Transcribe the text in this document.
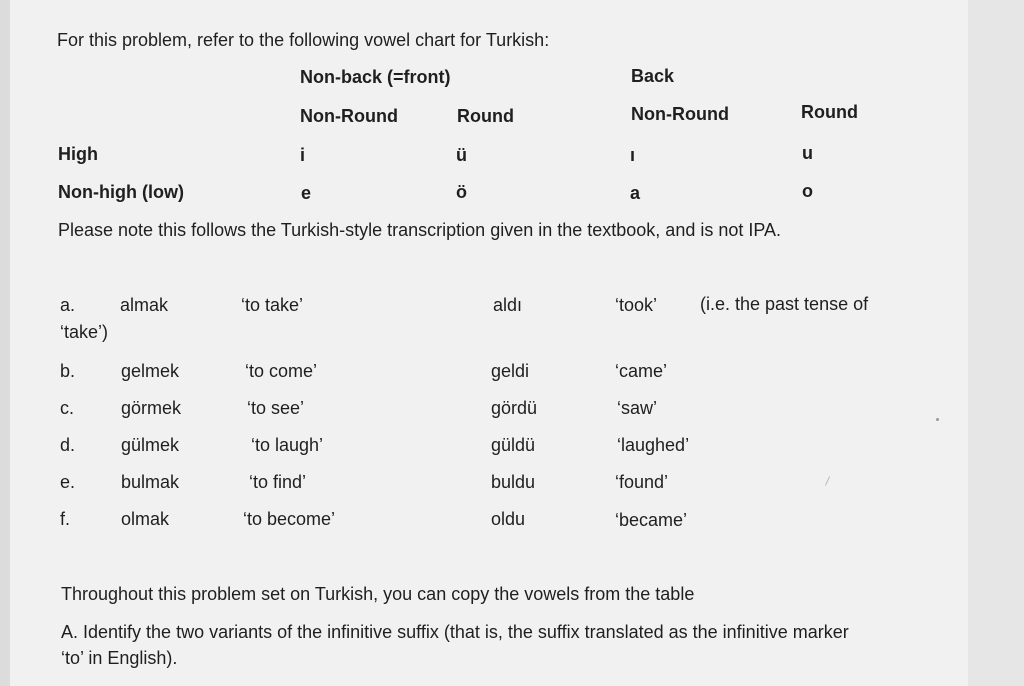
For this problem, refer to the following vowel chart for Turkish:
Non-back (=front)	Back
Non-Round	Round	Non-Round	Round
High	i	ü	ı	u
Non-high (low)	e	ö	a	o
Please note this follows the Turkish-style transcription given in the textbook, and is not IPA.
a. almak	‘to take’	aldı	‘took’ (i.e. the past tense of
‘take’)
b.	gelmek	‘to come’	geldi	‘came’
c.	görmek	‘to see’	gördü	‘saw’
d.	gülmek	‘to laugh’	güldü	‘laughed’
e.	bulmak	‘to find’	buldu	‘found’
f.	olmak	‘to become’	oldu	‘became’
Throughout this problem set on Turkish, you can copy the vowels from the table
A. Identify the two variants of the infinitive suffix (that is, the suffix translated as the infinitive marker
‘to’ in English).
